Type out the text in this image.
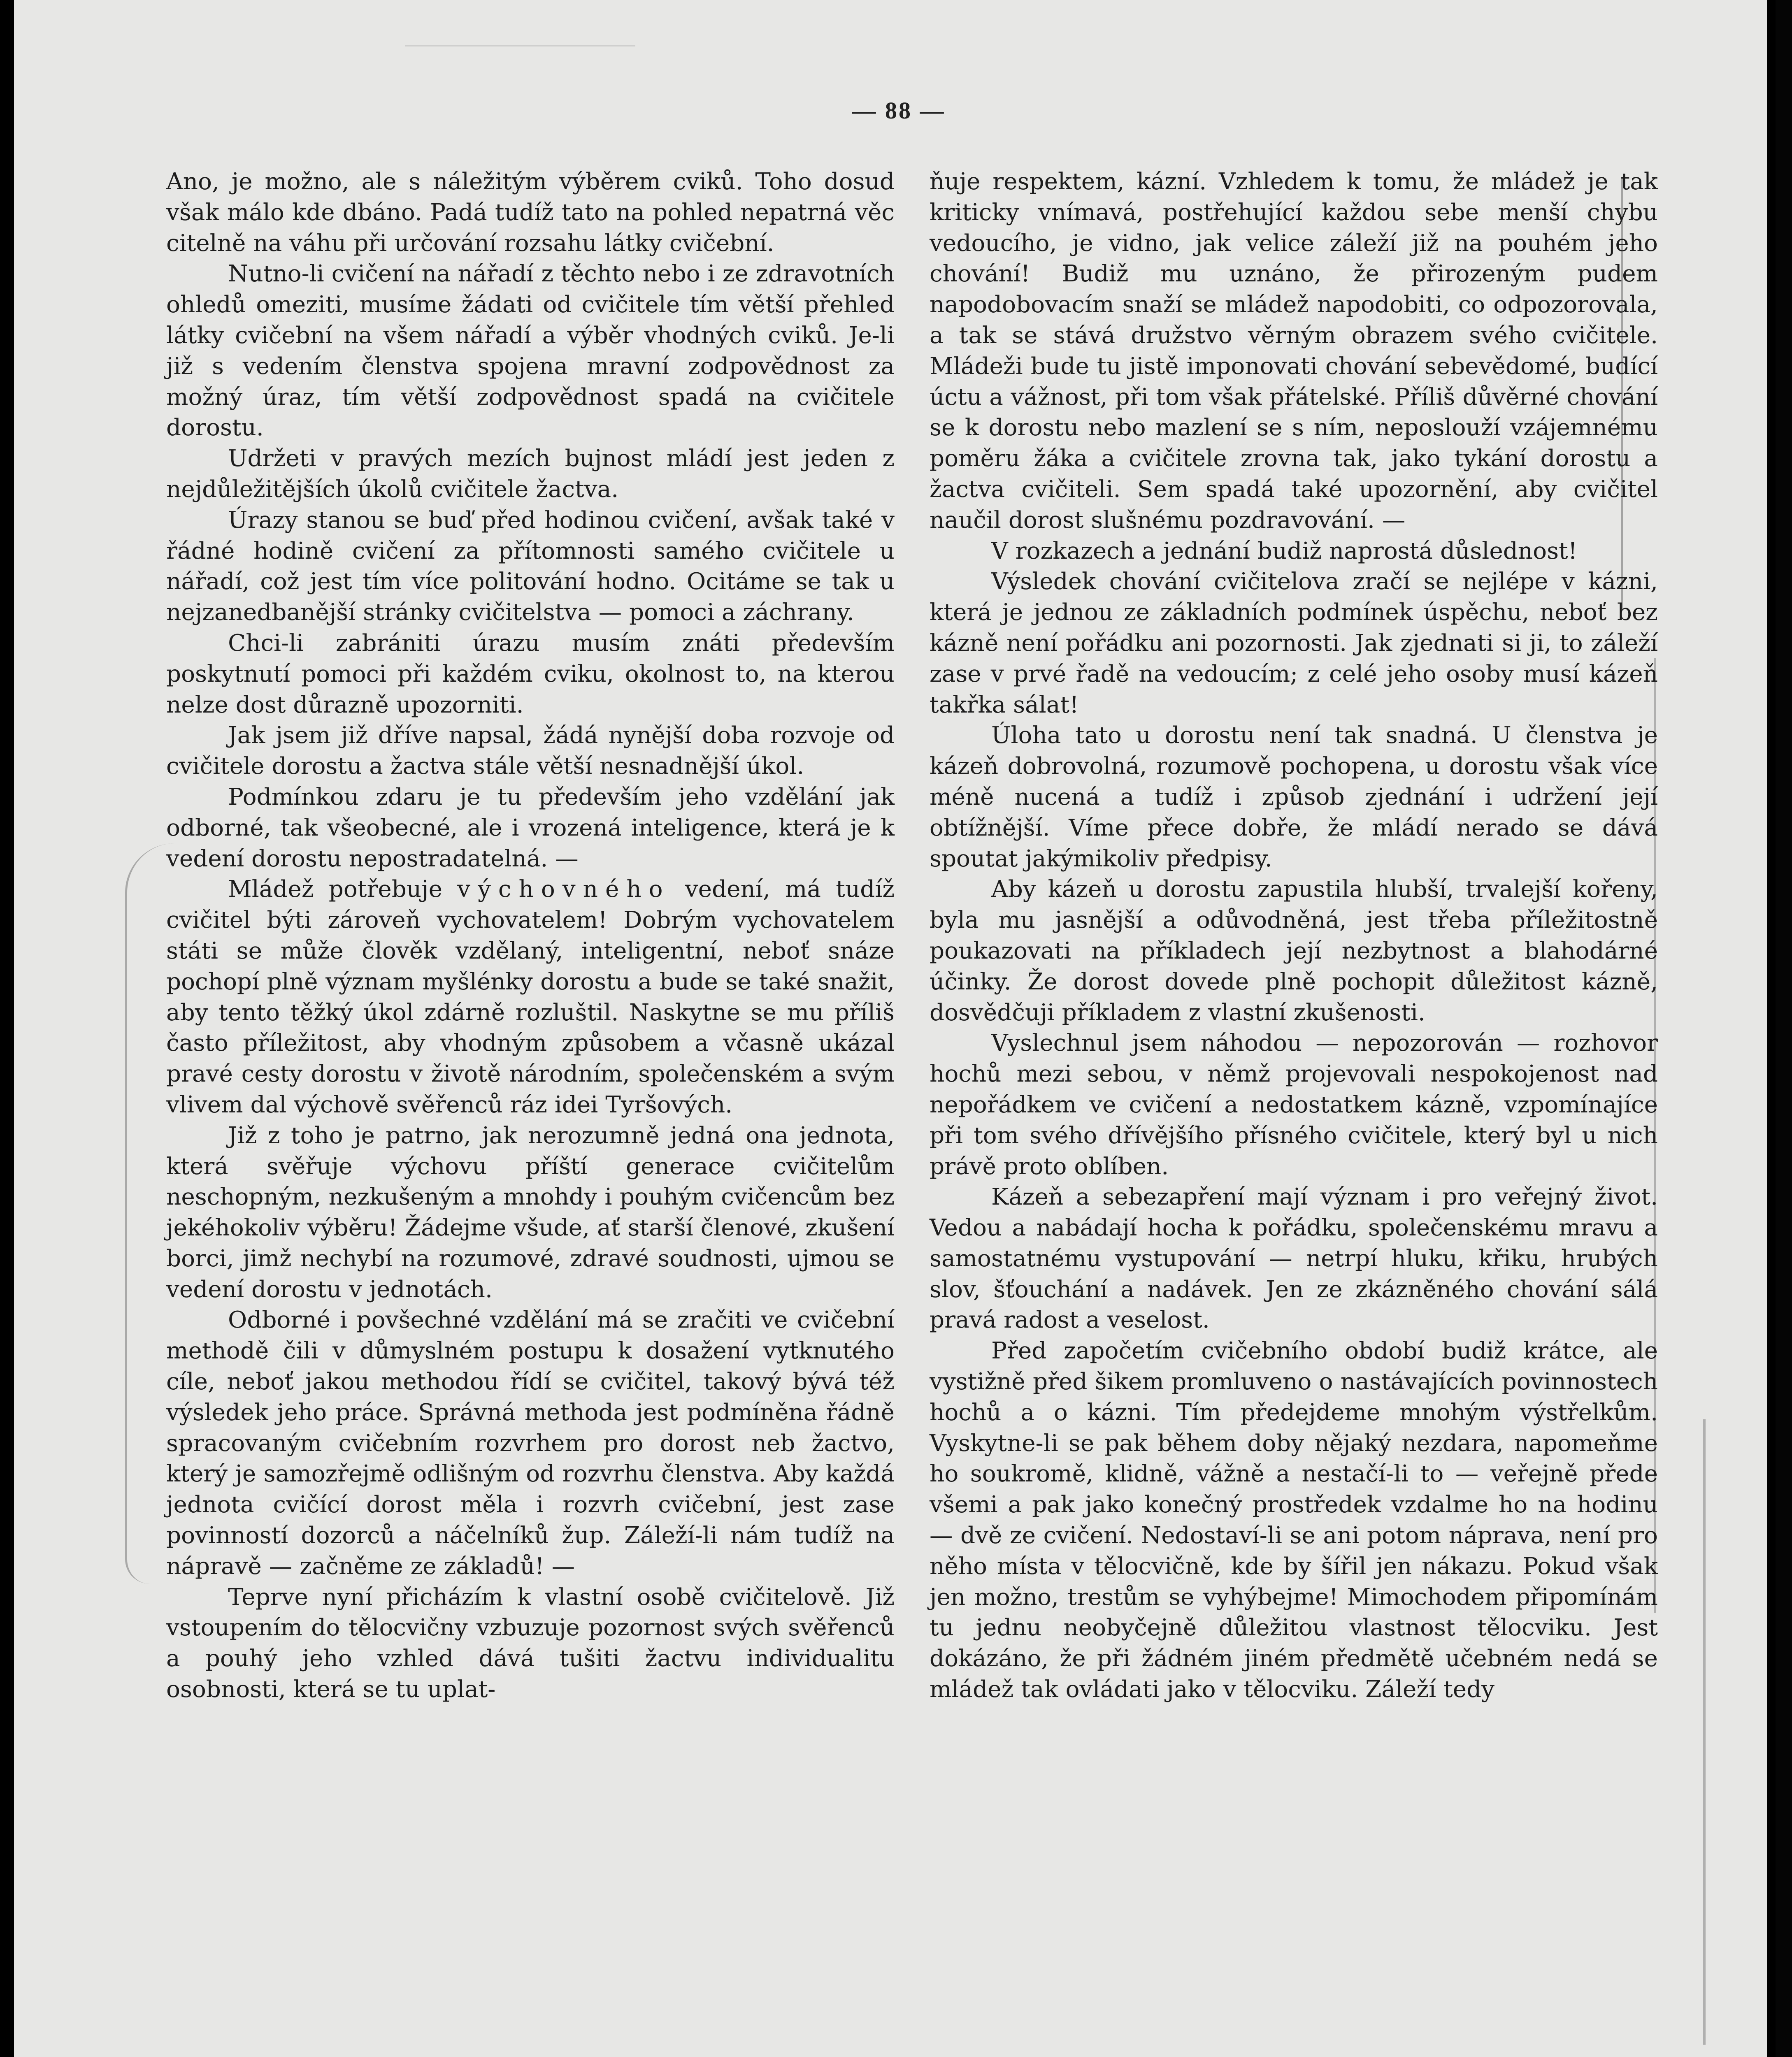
— 88 —

Ano, je možno, ale s náležitým výběrem cviků. Toho dosud však málo kde dbáno. Padá tudíž tato na pohled nepatrná věc citelně na váhu při určování rozsahu látky cvičební.

Nutno-li cvičení na nářadí z těchto nebo i ze zdravotních ohledů omeziti, musíme žádati od cvičitele tím větší přehled látky cvičební na všem nářadí a výběr vhodných cviků. Je-li již s vedením členstva spojena mravní zodpovědnost za možný úraz, tím větší zodpovědnost spadá na cvičitele dorostu.

Udržeti v pravých mezích bujnost mládí jest jeden z nejdůležitějších úkolů cvičitele žactva.

Úrazy stanou se buď před hodinou cvičení, avšak také v řádné hodině cvičení za přítomnosti samého cvičitele u nářadí, což jest tím více politování hodno. Ocitáme se tak u nejzanedbanější stránky cvičitelstva — pomoci a záchrany.

Chci-li zabrániti úrazu musím znáti především poskytnutí pomoci při každém cviku, okolnost to, na kterou nelze dost důrazně upozorniti.

Jak jsem již dříve napsal, žádá nynější doba rozvoje od cvičitele dorostu a žactva stále větší nesnadnější úkol.

Podmínkou zdaru je tu především jeho vzdělání jak odborné, tak všeobecné, ale i vrozená inteligence, která je k vedení dorostu nepostradatelná. —

Mládež potřebuje výchovného vedení, má tudíž cvičitel býti zároveň vychovatelem! Dobrým vychovatelem státi se může člověk vzdělaný, inteligentní, neboť snáze pochopí plně význam myšlénky dorostu a bude se také snažit, aby tento těžký úkol zdárně rozluštil. Naskytne se mu příliš často příležitost, aby vhodným způsobem a včasně ukázal pravé cesty dorostu v životě národním, společenském a svým vlivem dal výchově svěřenců ráz idei Tyršových.

Již z toho je patrno, jak nerozumně jedná ona jednota, která svěřuje výchovu příští generace cvičitelům neschopným, nezkušeným a mnohdy i pouhým cvičencům bez jekéhokoliv výběru! Žádejme všude, ať starší členové, zkušení borci, jimž nechybí na rozumové, zdravé soudnosti, ujmou se vedení dorostu v jednotách.

Odborné i povšechné vzdělání má se zračiti ve cvičební methodě čili v důmyslném postupu k dosažení vytknutého cíle, neboť jakou methodou řídí se cvičitel, takový bývá též výsledek jeho práce. Správná methoda jest podmíněna řádně spracovaným cvičebním rozvrhem pro dorost neb žactvo, který je samozřejmě odlišným od rozvrhu členstva. Aby každá jednota cvičící dorost měla i rozvrh cvičební, jest zase povinností dozorců a náčelníků žup. Záleží-li nám tudíž na nápravě — začněme ze základů! —

Teprve nyní přicházím k vlastní osobě cvičitelově. Již vstoupením do tělocvičny vzbuzuje pozornost svých svěřenců a pouhý jeho vzhled dává tušiti žactvu individualitu osobnosti, která se tu uplat-

ňuje respektem, kázní. Vzhledem k tomu, že mládež je tak kriticky vnímavá, postřehující každou sebe menší chybu vedoucího, je vidno, jak velice záleží již na pouhém jeho chování! Budiž mu uznáno, že přirozeným pudem napodobovacím snaží se mládež napodobiti, co odpozorovala, a tak se stává družstvo věrným obrazem svého cvičitele. Mládeži bude tu jistě imponovati chování sebevědomé, budící úctu a vážnost, při tom však přátelské. Příliš důvěrné chování se k dorostu nebo mazlení se s ním, neposlouží vzájemnému poměru žáka a cvičitele zrovna tak, jako tykání dorostu a žactva cvičiteli. Sem spadá také upozornění, aby cvičitel naučil dorost slušnému pozdravování. —

V rozkazech a jednání budiž naprostá důslednost!

Výsledek chování cvičitelova zračí se nejlépe v kázni, která je jednou ze základních podmínek úspěchu, neboť bez kázně není pořádku ani pozornosti. Jak zjednati si ji, to záleží zase v prvé řadě na vedoucím; z celé jeho osoby musí kázeň takřka sálat!

Úloha tato u dorostu není tak snadná. U členstva je kázeň dobrovolná, rozumově pochopena, u dorostu však více méně nucená a tudíž i způsob zjednání i udržení její obtížnější. Víme přece dobře, že mládí nerado se dává spoutat jakýmikoliv předpisy.

Aby kázeň u dorostu zapustila hlubší, trvalejší kořeny, byla mu jasnější a odůvodněná, jest třeba příležitostně poukazovati na příkladech její nezbytnost a blahodárné účinky. Že dorost dovede plně pochopit důležitost kázně, dosvědčuji příkladem z vlastní zkušenosti.

Vyslechnul jsem náhodou — nepozorován — rozhovor hochů mezi sebou, v němž projevovali nespokojenost nad nepořádkem ve cvičení a nedostatkem kázně, vzpomínajíce při tom svého dřívějšího přísného cvičitele, který byl u nich právě proto oblíben.

Kázeň a sebezapření mají význam i pro veřejný život. Vedou a nabádají hocha k pořádku, společenskému mravu a samostatnému vystupování — netrpí hluku, křiku, hrubých slov, šťouchání a nadávek. Jen ze zkázněného chování sálá pravá radost a veselost.

Před započetím cvičebního období budiž krátce, ale vystižně před šikem promluveno o nastávajících povinnostech hochů a o kázni. Tím předejdeme mnohým výstřelkům. Vyskytne-li se pak během doby nějaký nezdara, napomeňme ho soukromě, klidně, vážně a nestačí-li to — veřejně přede všemi a pak jako konečný prostředek vzdalme ho na hodinu — dvě ze cvičení. Nedostaví-li se ani potom náprava, není pro něho místa v tělocvičně, kde by šířil jen nákazu. Pokud však jen možno, trestům se vyhýbejme! Mimochodem připomínám tu jednu neobyčejně důležitou vlastnost tělocviku. Jest dokázáno, že při žádném jiném předmětě učebném nedá se mládež tak ovládati jako v tělocviku. Záleží tedy
